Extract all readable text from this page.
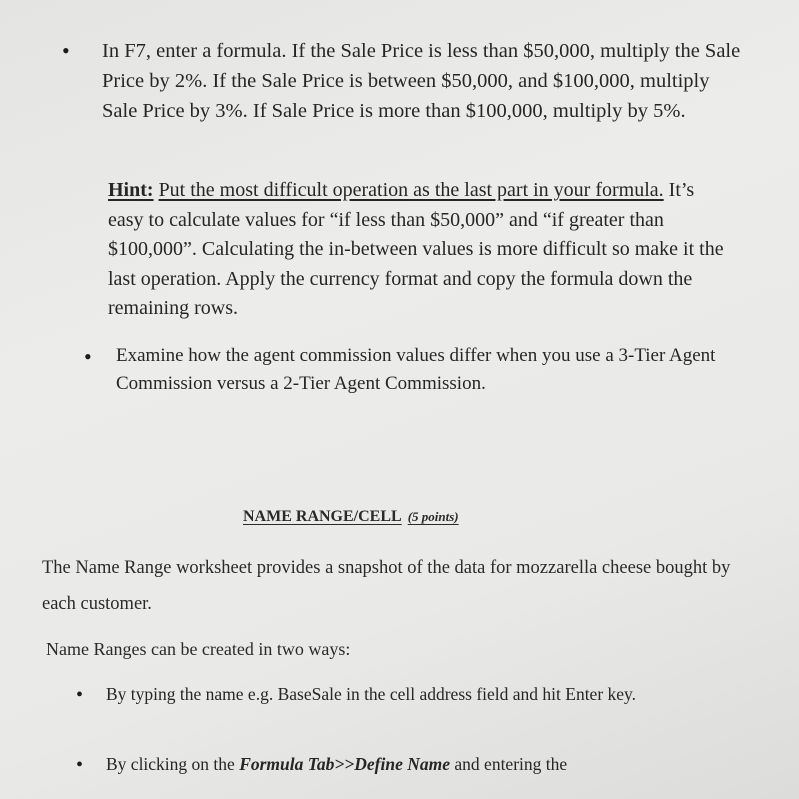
•	In F7, enter a formula. If the Sale Price is less than $50,000, multiply the Sale Price by 2%. If the Sale Price is between $50,000, and $100,000, multiply Sale Price by 3%. If Sale Price is more than $100,000, multiply by 5%.
Hint: Put the most difficult operation as the last part in your formula. It’s easy to calculate values for “if less than $50,000” and “if greater than $100,000”. Calculating the in-between values is more difficult so make it the last operation. Apply the currency format and copy the formula down the remaining rows.
•	Examine how the agent commission values differ when you use a 3-Tier Agent Commission versus a 2-Tier Agent Commission.
NAME RANGE/CELL (5 points)
The Name Range worksheet provides a snapshot of the data for mozzarella cheese bought by each customer.
Name Ranges can be created in two ways:
•	By typing the name e.g. BaseSale in the cell address field and hit Enter key.
•	By clicking on the Formula Tab>>Define Name and entering the
